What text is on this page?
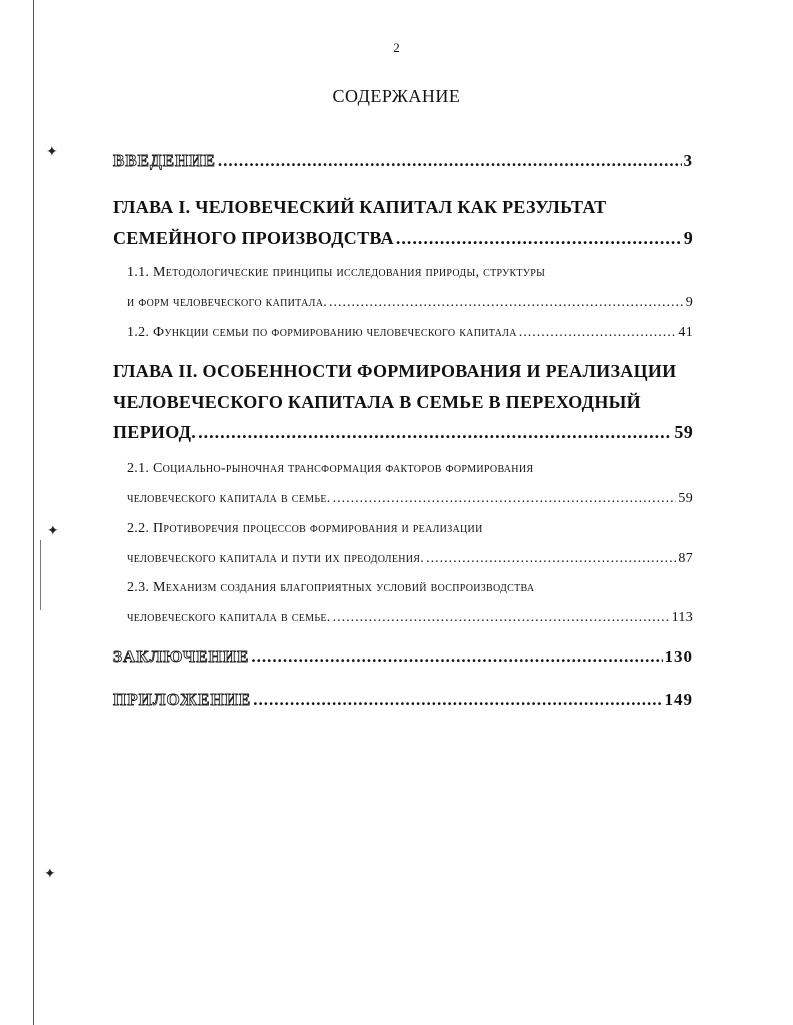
✦
✦
✦
2
СОДЕРЖАНИЕ
ВВЕДЕНИЕ .....	3
ГЛАВА I. ЧЕЛОВЕЧЕСКИЙ КАПИТАЛ КАК РЕЗУЛЬТАТ
СЕМЕЙНОГО ПРОИЗВОДСТВА .....	9
1.1. Методологические принципы исследования природы, структуры
и форм человеческого капитала. .....	9
1.2. Функции семьи по формированию человеческого капитала .....	41
ГЛАВА II. ОСОБЕННОСТИ ФОРМИРОВАНИЯ И РЕАЛИЗАЦИИ
ЧЕЛОВЕЧЕСКОГО КАПИТАЛА В СЕМЬЕ В ПЕРЕХОДНЫЙ
ПЕРИОД. .....	59
2.1. Социально-рыночная трансформация факторов формирования
человеческого капитала в семье. .....	59
2.2. Противоречия процессов формирования и реализации
человеческого капитала и пути их преодоления. .....	87
2.3. Механизм создания благоприятных условий воспроизводства
человеческого капитала в семье. .....	113
ЗАКЛЮЧЕНИЕ .....	130
ПРИЛОЖЕНИЕ .....	149
